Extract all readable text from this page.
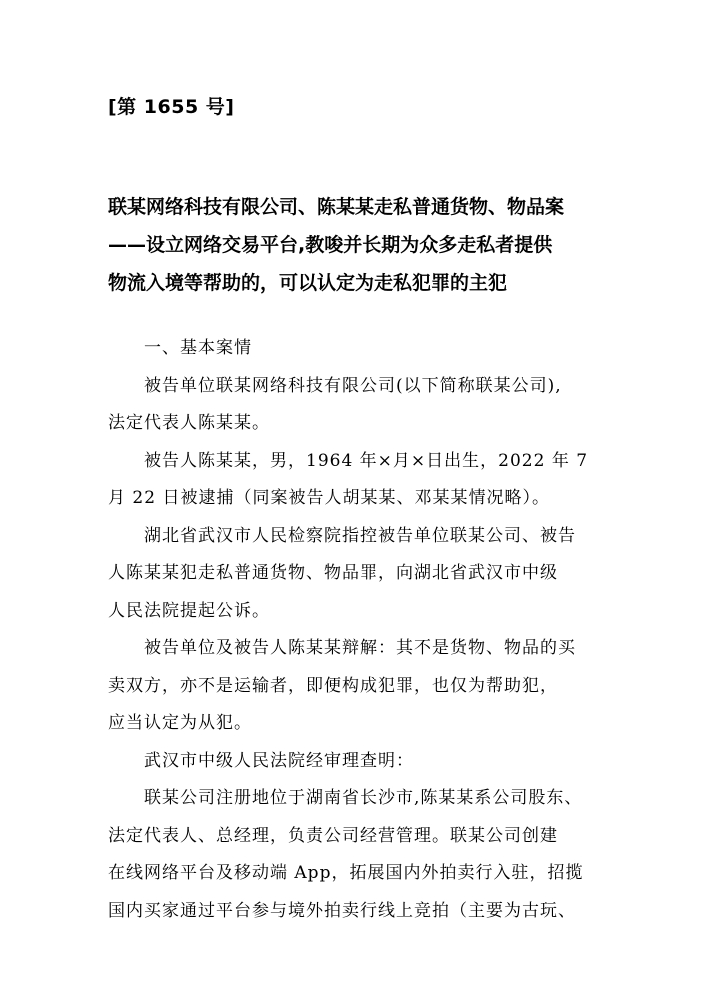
[第 1655 号]
联某网络科技有限公司、陈某某走私普通货物、物品案
——设立网络交易平台,教唆并长期为众多走私者提供
物流入境等帮助的，可以认定为走私犯罪的主犯
一、基本案情
被告单位联某网络科技有限公司(以下简称联某公司),
法定代表人陈某某。
被告人陈某某，男，1964 年×月×日出生，2022 年 7
月 22 日被逮捕（同案被告人胡某某、邓某某情况略）。
湖北省武汉市人民检察院指控被告单位联某公司、被告
人陈某某犯走私普通货物、物品罪，向湖北省武汉市中级
人民法院提起公诉。
被告单位及被告人陈某某辩解：其不是货物、物品的买
卖双方，亦不是运输者，即便构成犯罪，也仅为帮助犯，
应当认定为从犯。
武汉市中级人民法院经审理查明：
联某公司注册地位于湖南省长沙市,陈某某系公司股东、
法定代表人、总经理，负责公司经营管理。联某公司创建
在线网络平台及移动端 App，拓展国内外拍卖行入驻，招揽
国内买家通过平台参与境外拍卖行线上竞拍（主要为古玩、
